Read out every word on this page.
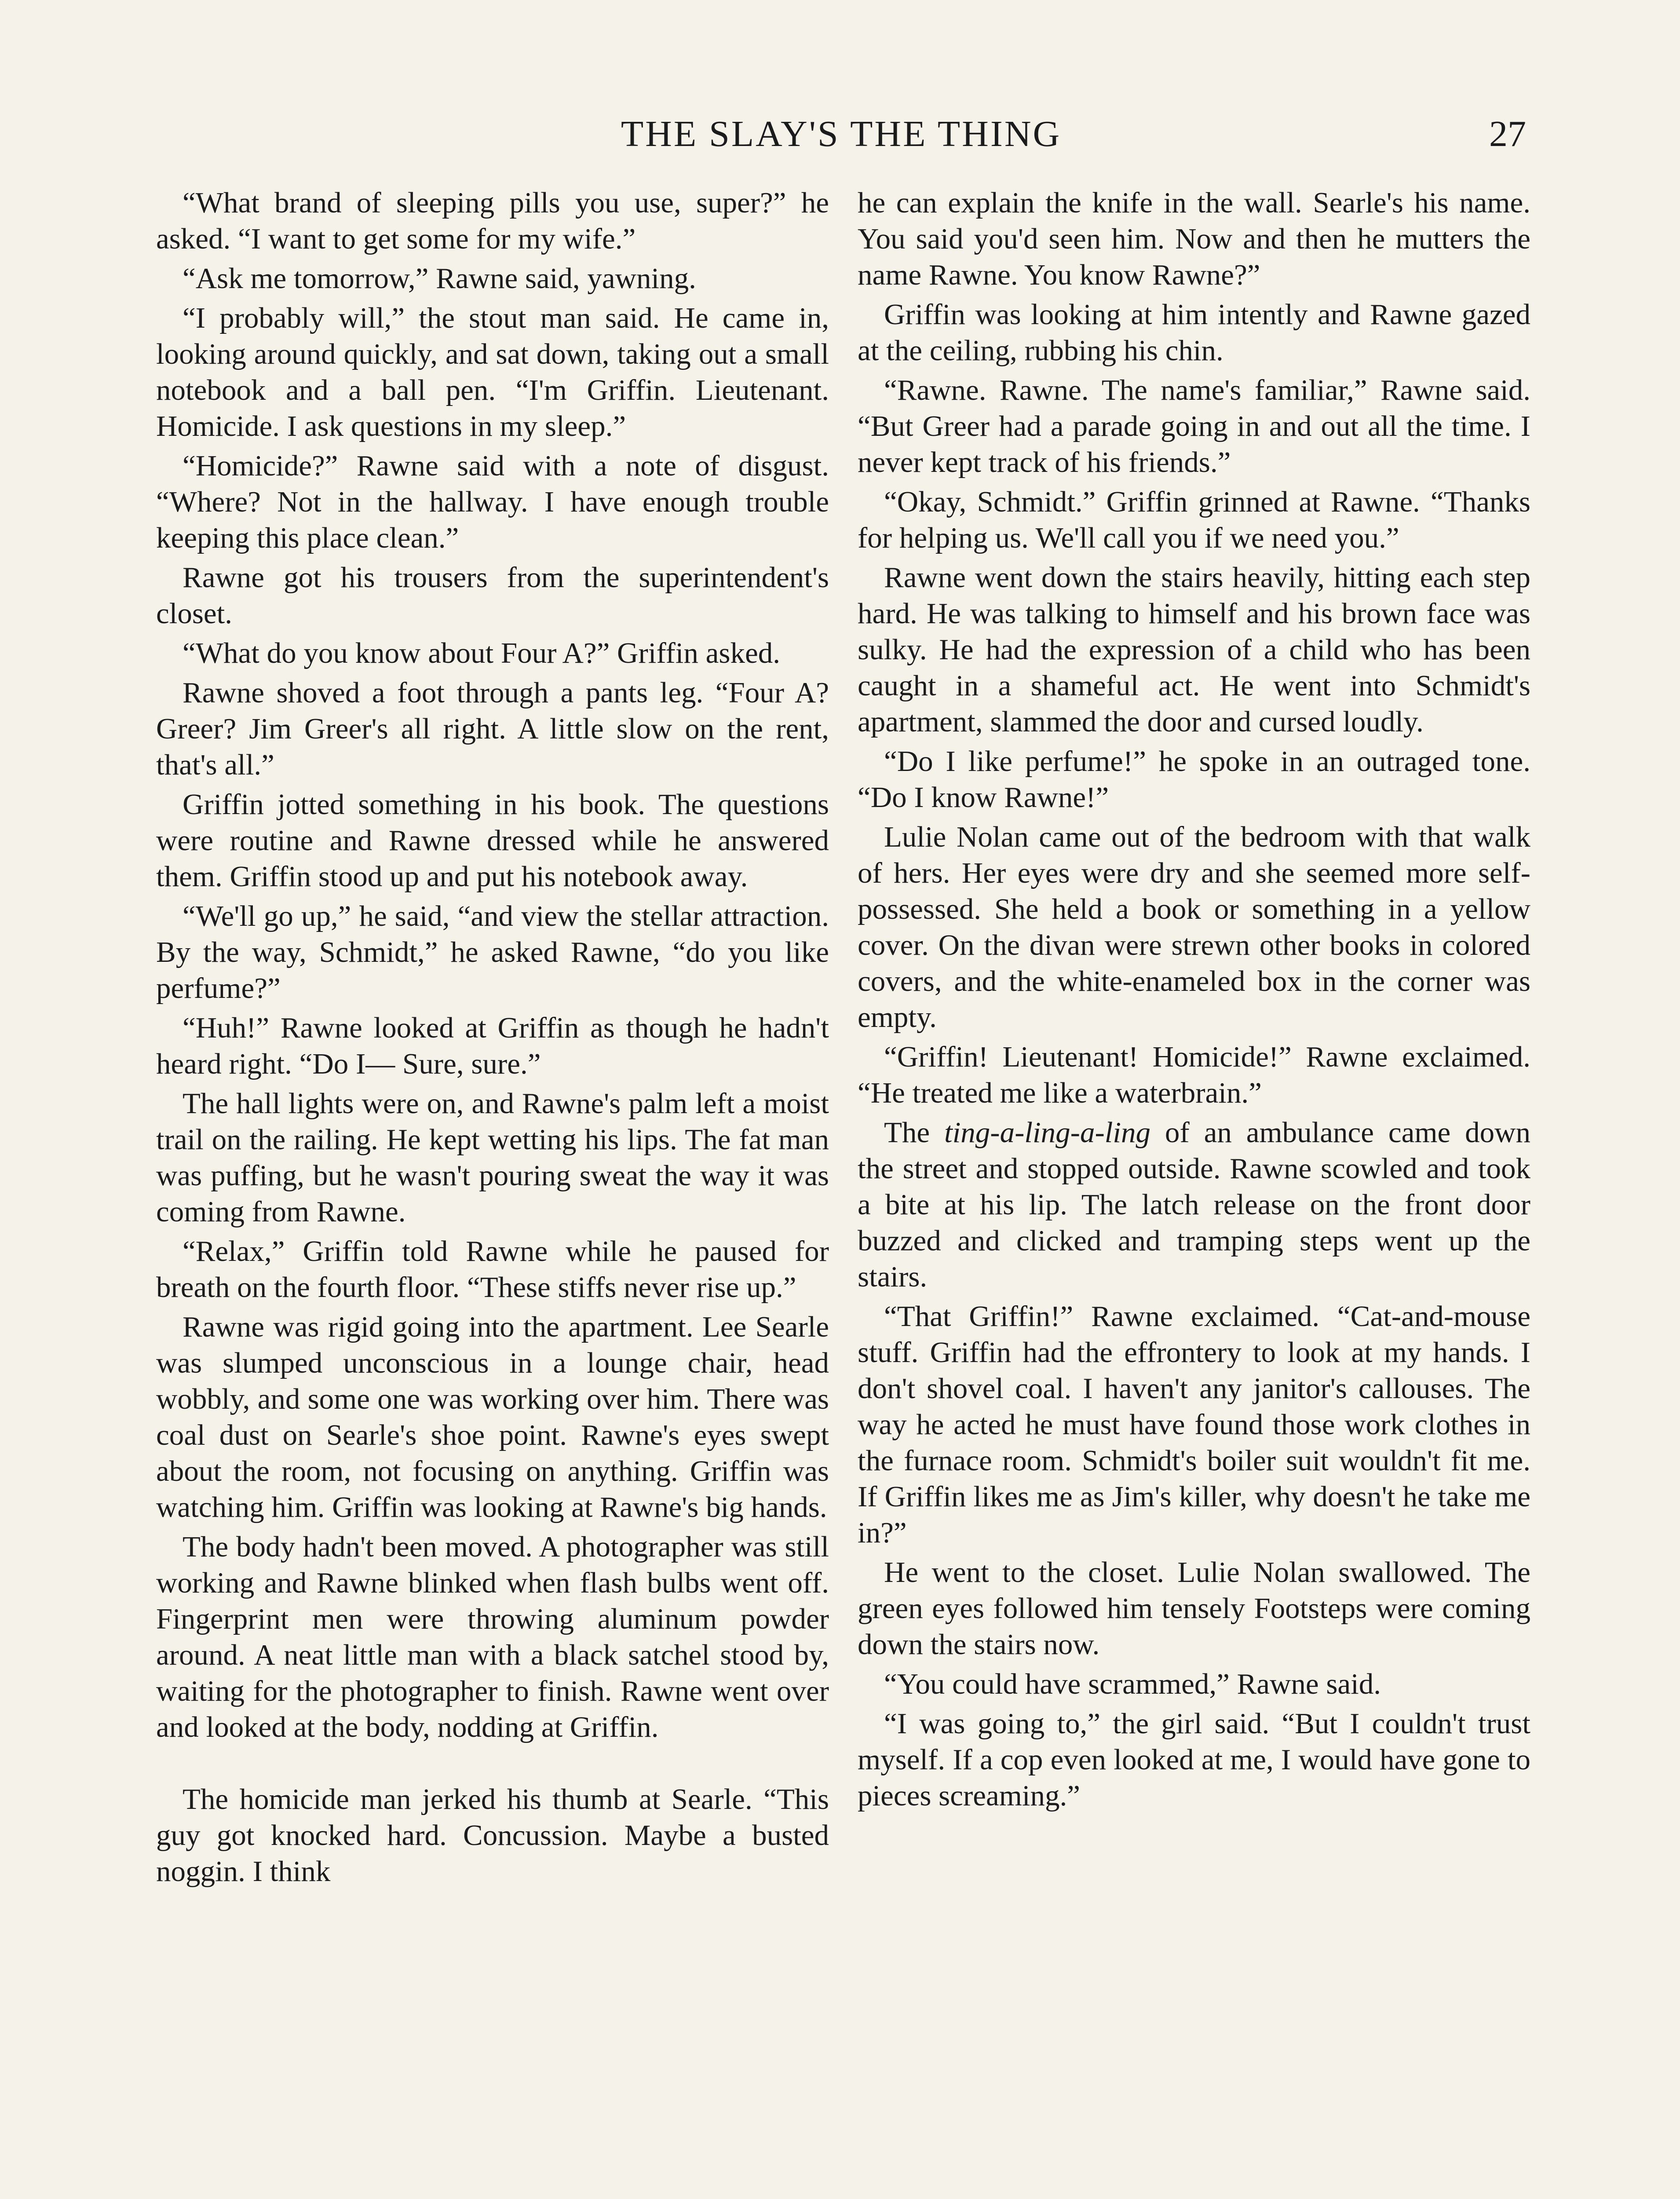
THE SLAY'S THE THING	27

“What brand of sleeping pills you use, super?” he asked. “I want to get some for my wife.”

“Ask me tomorrow,” Rawne said, yawning.

“I probably will,” the stout man said. He came in, looking around quickly, and sat down, taking out a small notebook and a ball pen. “I'm Griffin. Lieutenant. Homicide. I ask questions in my sleep.”

“Homicide?” Rawne said with a note of disgust. “Where? Not in the hallway. I have enough trouble keeping this place clean.”

Rawne got his trousers from the superintendent's closet.

“What do you know about Four A?” Griffin asked.

Rawne shoved a foot through a pants leg. “Four A? Greer? Jim Greer's all right. A little slow on the rent, that's all.”

Griffin jotted something in his book. The questions were routine and Rawne dressed while he answered them. Griffin stood up and put his notebook away.

“We'll go up,” he said, “and view the stellar attraction. By the way, Schmidt,” he asked Rawne, “do you like perfume?”

“Huh!” Rawne looked at Griffin as though he hadn't heard right. “Do I— Sure, sure.”

The hall lights were on, and Rawne's palm left a moist trail on the railing. He kept wetting his lips. The fat man was puffing, but he wasn't pouring sweat the way it was coming from Rawne.

“Relax,” Griffin told Rawne while he paused for breath on the fourth floor. “These stiffs never rise up.”

Rawne was rigid going into the apartment. Lee Searle was slumped unconscious in a lounge chair, head wobbly, and some one was working over him. There was coal dust on Searle's shoe point. Rawne's eyes swept about the room, not focusing on anything. Griffin was watching him. Griffin was looking at Rawne's big hands.

The body hadn't been moved. A photographer was still working and Rawne blinked when flash bulbs went off. Fingerprint men were throwing aluminum powder around. A neat little man with a black satchel stood by, waiting for the photographer to finish. Rawne went over and looked at the body, nodding at Griffin.

The homicide man jerked his thumb at Searle. “This guy got knocked hard. Concussion. Maybe a busted noggin. I think

he can explain the knife in the wall. Searle's his name. You said you'd seen him. Now and then he mutters the name Rawne. You know Rawne?”

Griffin was looking at him intently and Rawne gazed at the ceiling, rubbing his chin.

“Rawne. Rawne. The name's familiar,” Rawne said. “But Greer had a parade going in and out all the time. I never kept track of his friends.”

“Okay, Schmidt.” Griffin grinned at Rawne. “Thanks for helping us. We'll call you if we need you.”

Rawne went down the stairs heavily, hitting each step hard. He was talking to himself and his brown face was sulky. He had the expression of a child who has been caught in a shameful act. He went into Schmidt's apartment, slammed the door and cursed loudly.

“Do I like perfume!” he spoke in an outraged tone. “Do I know Rawne!”

Lulie Nolan came out of the bedroom with that walk of hers. Her eyes were dry and she seemed more self-possessed. She held a book or something in a yellow cover. On the divan were strewn other books in colored covers, and the white-enameled box in the corner was empty.

“Griffin! Lieutenant! Homicide!” Rawne exclaimed. “He treated me like a waterbrain.”

The ting-a-ling-a-ling of an ambulance came down the street and stopped outside. Rawne scowled and took a bite at his lip. The latch release on the front door buzzed and clicked and tramping steps went up the stairs.

“That Griffin!” Rawne exclaimed. “Cat-and-mouse stuff. Griffin had the effrontery to look at my hands. I don't shovel coal. I haven't any janitor's callouses. The way he acted he must have found those work clothes in the furnace room. Schmidt's boiler suit wouldn't fit me. If Griffin likes me as Jim's killer, why doesn't he take me in?”

He went to the closet. Lulie Nolan swallowed. The green eyes followed him tensely Footsteps were coming down the stairs now.

“You could have scrammed,” Rawne said.

“I was going to,” the girl said. “But I couldn't trust myself. If a cop even looked at me, I would have gone to pieces screaming.”
